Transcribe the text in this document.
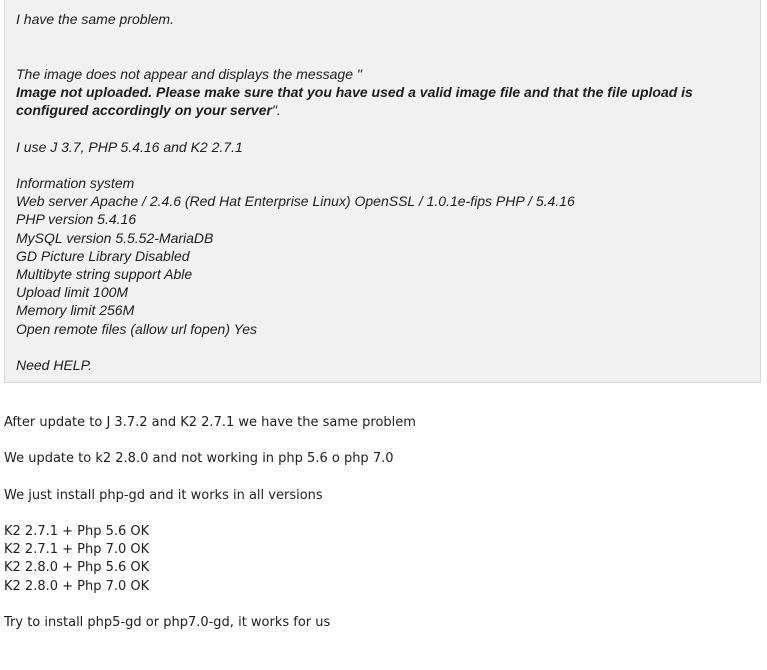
I have the same problem.
The image does not appear and displays the message "
Image not uploaded. Please make sure that you have used a valid image file and that the file upload is
configured accordingly on your server".
I use J 3.7, PHP 5.4.16 and K2 2.7.1
Information system
Web server Apache / 2.4.6 (Red Hat Enterprise Linux) OpenSSL / 1.0.1e-fips PHP / 5.4.16
PHP version 5.4.16
MySQL version 5.5.52-MariaDB
GD Picture Library Disabled
Multibyte string support Able
Upload limit 100M
Memory limit 256M
Open remote files (allow url fopen) Yes
Need HELP.
After update to J 3.7.2 and K2 2.7.1 we have the same problem
We update to k2 2.8.0 and not working in php 5.6 o php 7.0
We just install php-gd and it works in all versions
K2 2.7.1 + Php 5.6 OK
K2 2.7.1 + Php 7.0 OK
K2 2.8.0 + Php 5.6 OK
K2 2.8.0 + Php 7.0 OK
Try to install php5-gd or php7.0-gd, it works for us
